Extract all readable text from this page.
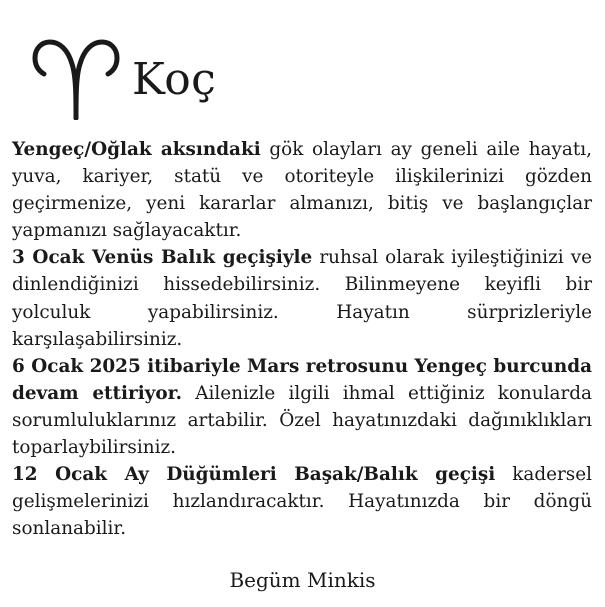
Koç

Yengeç/Oğlak aksındaki gök olayları ay geneli aile hayatı, yuva, kariyer, statü ve otoriteyle ilişkilerinizi gözden geçirmenize, yeni kararlar almanızı, bitiş ve başlangıçlar yapmanızı sağlayacaktır.

3 Ocak Venüs Balık geçişiyle ruhsal olarak iyileştiğinizi ve dinlendiğinizi hissedebilirsiniz. Bilinmeyene keyifli bir yolculuk yapabilirsiniz. Hayatın sürprizleriyle karşılaşabilirsiniz.

6 Ocak 2025 itibariyle Mars retrosunu Yengeç burcunda devam ettiriyor. Ailenizle ilgili ihmal ettiğiniz konularda sorumluluklarınız artabilir. Özel hayatınızdaki dağınıklıkları toparlaybilirsiniz.

12 Ocak Ay Düğümleri Başak/Balık geçişi kadersel gelişmelerinizi hızlandıracaktır. Hayatınızda bir döngü sonlanabilir.

Begüm Minkis
